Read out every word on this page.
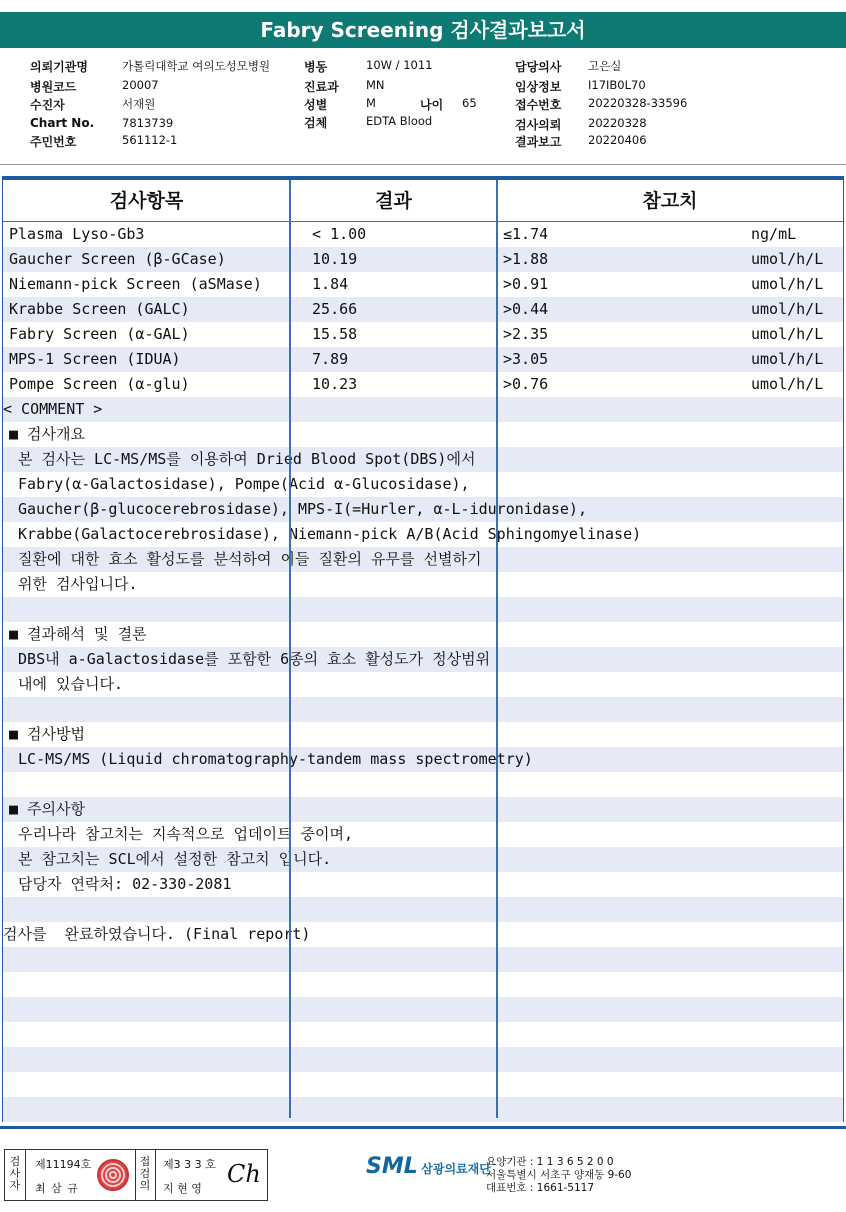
Fabry Screening 검사결과보고서
의뢰기관명	가톨릭대학교 여의도성모병원
병원코드	20007
수진자	서재원
Chart No. 7813739
주민번호	561112-1
병동	10W / 1011
진료과 MN
성별	M	나이 65
검체	EDTA Blood
담당의사 고은실
임상정보 I17IB0L70
접수번호 20220328-33596
검사의뢰 20220328
결과보고 20220406
검사항목	결과	참고치
Plasma Lyso-Gb3	< 1.00	≤1.74	ng/mL
Gaucher Screen (β-GCase)	10.19	>1.88	umol/h/L
Niemann-pick Screen (aSMase)	1.84	>0.91	umol/h/L
Krabbe Screen (GALC)	25.66	>0.44	umol/h/L
Fabry Screen (α-GAL)	15.58	>2.35	umol/h/L
MPS-1 Screen (IDUA)	7.89	>3.05	umol/h/L
Pompe Screen (α-glu)	10.23	>0.76	umol/h/L
< COMMENT >
■ 검사개요
본 검사는 LC-MS/MS를 이용하여 Dried Blood Spot(DBS)에서
Fabry(α-Galactosidase), Pompe(Acid α-Glucosidase),
Gaucher(β-glucocerebrosidase), MPS-I(=Hurler, α-L-iduronidase),
Krabbe(Galactocerebrosidase), Niemann-pick A/B(Acid Sphingomyelinase)
질환에 대한 효소 활성도를 분석하여 이들 질환의 유무를 선별하기
위한 검사입니다.
■ 결과해석 및 결론
DBS내 a-Galactosidase를 포함한 6종의 효소 활성도가 정상범위
내에 있습니다.
■ 검사방법
LC-MS/MS (Liquid chromatography-tandem mass spectrometry)
■ 주의사항
우리나라 참고치는 지속적으로 업데이트 중이며,
본 참고치는 SCL에서 설정한 참고치 입니다.
담당자 연락처: 02-330-2081
검사를  완료하였습니다. (Final report)
검
사
자
제11194호
최 삼 규
접
검
의
제3 3 3 호
지 현 영
Ch	SML 삼광의료재단
요양기관 : 1 1 3 6 5 2 0 0
서울특별시 서초구 양재동 9-60
대표번호 : 1661-5117
